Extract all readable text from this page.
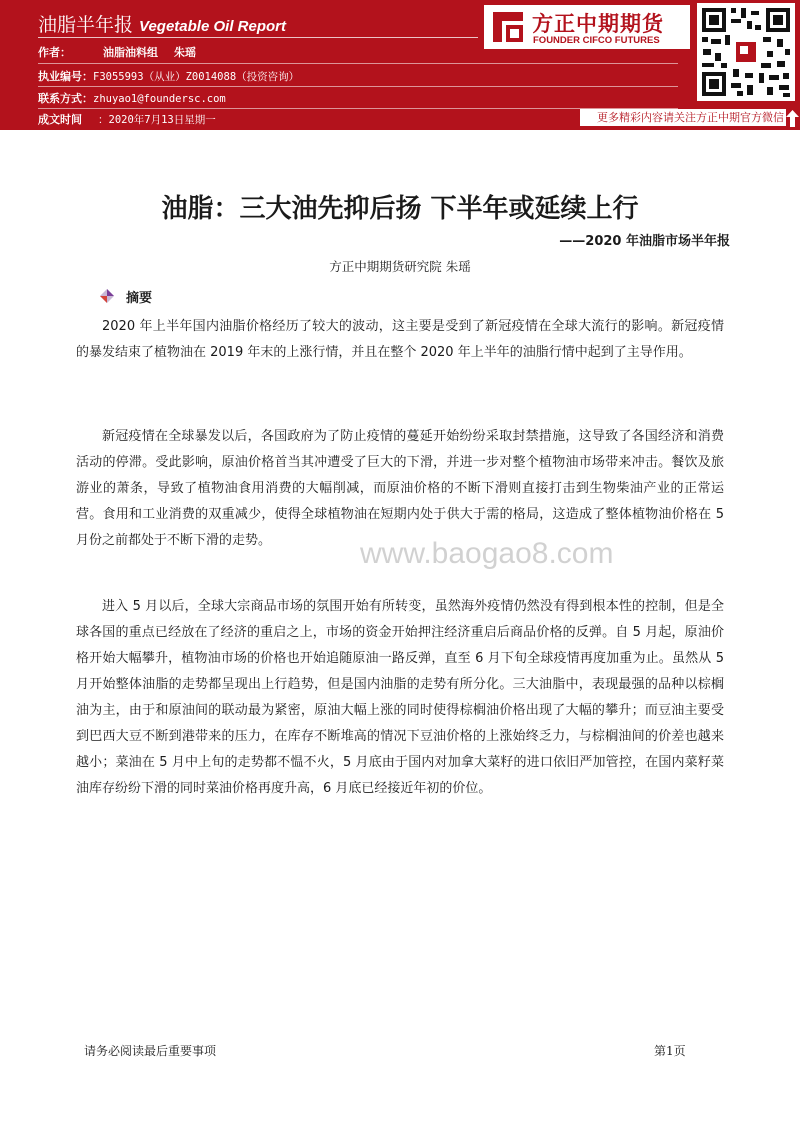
油脂半年报 Vegetable Oil Report
作者：	油脂油料组 朱瑶
执业编号：F3055993（从业）Z0014088（投资咨询）
联系方式：zhuyao1@foundersc.com
成文时间 ：2020年7月13日星期一
方正中期期货
FOUNDER CIFCO FUTURES
更多精彩内容请关注方正中期官方微信
油脂：三大油先抑后扬 下半年或延续上行
——2020 年油脂市场半年报
方正中期期货研究院 朱瑶
摘要

2020 年上半年国内油脂价格经历了较大的波动，这主要是受到了新冠疫情在全球大流行的影响。新冠疫情的暴发结束了植物油在 2019 年末的上涨行情，并且在整个 2020 年上半年的油脂行情中起到了主导作用。

新冠疫情在全球暴发以后，各国政府为了防止疫情的蔓延开始纷纷采取封禁措施，这导致了各国经济和消费活动的停滞。受此影响，原油价格首当其冲遭受了巨大的下滑，并进一步对整个植物油市场带来冲击。餐饮及旅游业的萧条，导致了植物油食用消费的大幅削减，而原油价格的不断下滑则直接打击到生物柴油产业的正常运营。食用和工业消费的双重减少，使得全球植物油在短期内处于供大于需的格局，这造成了整体植物油价格在 5 月份之前都处于不断下滑的走势。

进入 5 月以后，全球大宗商品市场的氛围开始有所转变，虽然海外疫情仍然没有得到根本性的控制，但是全球各国的重点已经放在了经济的重启之上，市场的资金开始押注经济重启后商品价格的反弹。自 5 月起，原油价格开始大幅攀升，植物油市场的价格也开始追随原油一路反弹，直至 6 月下旬全球疫情再度加重为止。虽然从 5 月开始整体油脂的走势都呈现出上行趋势，但是国内油脂的走势有所分化。三大油脂中，表现最强的品种以棕榈油为主，由于和原油间的联动最为紧密，原油大幅上涨的同时使得棕榈油价格出现了大幅的攀升；而豆油主要受到巴西大豆不断到港带来的压力，在库存不断堆高的情况下豆油价格的上涨始终乏力，与棕榈油间的价差也越来越小；菜油在 5 月中上旬的走势都不愠不火，5 月底由于国内对加拿大菜籽的进口依旧严加管控，在国内菜籽菜油库存纷纷下滑的同时菜油价格再度升高，6 月底已经接近年初的价位。

www.baogao8.com
请务必阅读最后重要事项	第1页
